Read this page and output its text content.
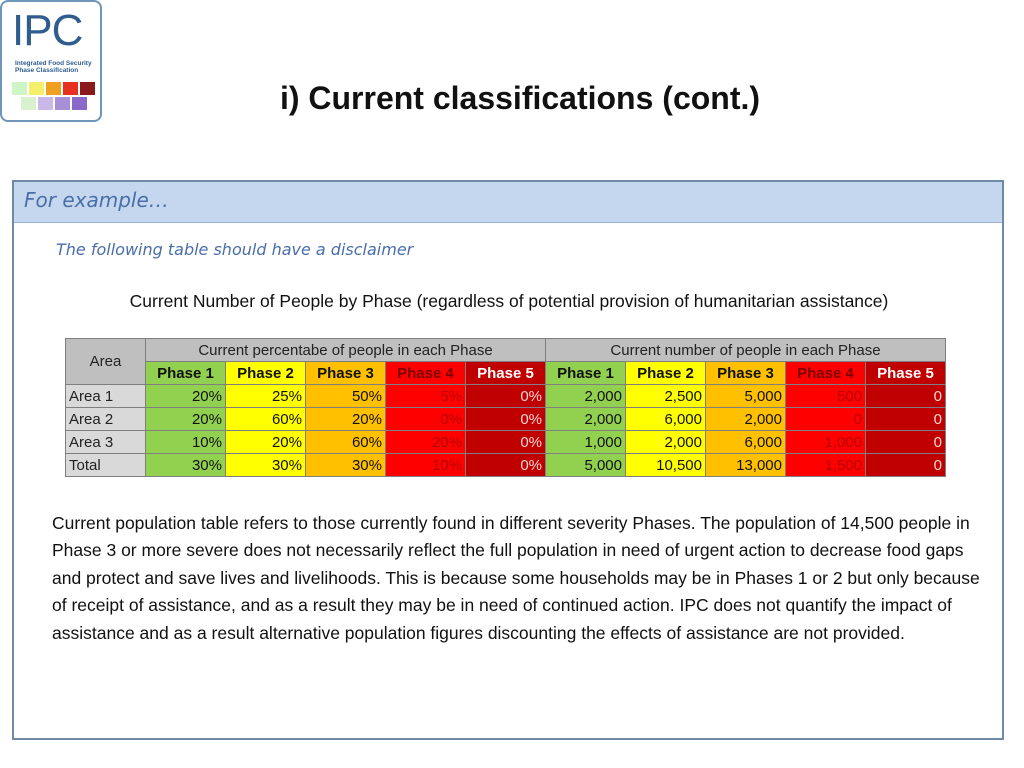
IPC
Integrated Food Security Phase Classification
i) Current classifications (cont.)
For example…
The following table should have a disclaimer
Current Number of People by Phase (regardless of potential provision of humanitarian assistance)
Area	Current percentabe of people in each Phase					Current number of people in each Phase				
	Phase 1	Phase 2	Phase 3	Phase 4	Phase 5	Phase 1	Phase 2	Phase 3	Phase 4	Phase 5
Area 1	20%	25%	50%	5%	0%	2,000	2,500	5,000	500	0
Area 2	20%	60%	20%	0%	0%	2,000	6,000	2,000	0	0
Area 3	10%	20%	60%	20%	0%	1,000	2,000	6,000	1,000	0
Total	30%	30%	30%	10%	0%	5,000	10,500	13,000	1,500	0
Current population table refers to those currently found in different severity Phases. The population of 14,500 people in Phase 3 or more severe does not necessarily reflect the full population in need of urgent action to decrease food gaps and protect and save lives and livelihoods. This is because some households may be in Phases 1 or 2 but only because of receipt of assistance, and as a result they may be in need of continued action. IPC does not quantify the impact of assistance and as a result alternative population figures discounting the effects of assistance are not provided.
